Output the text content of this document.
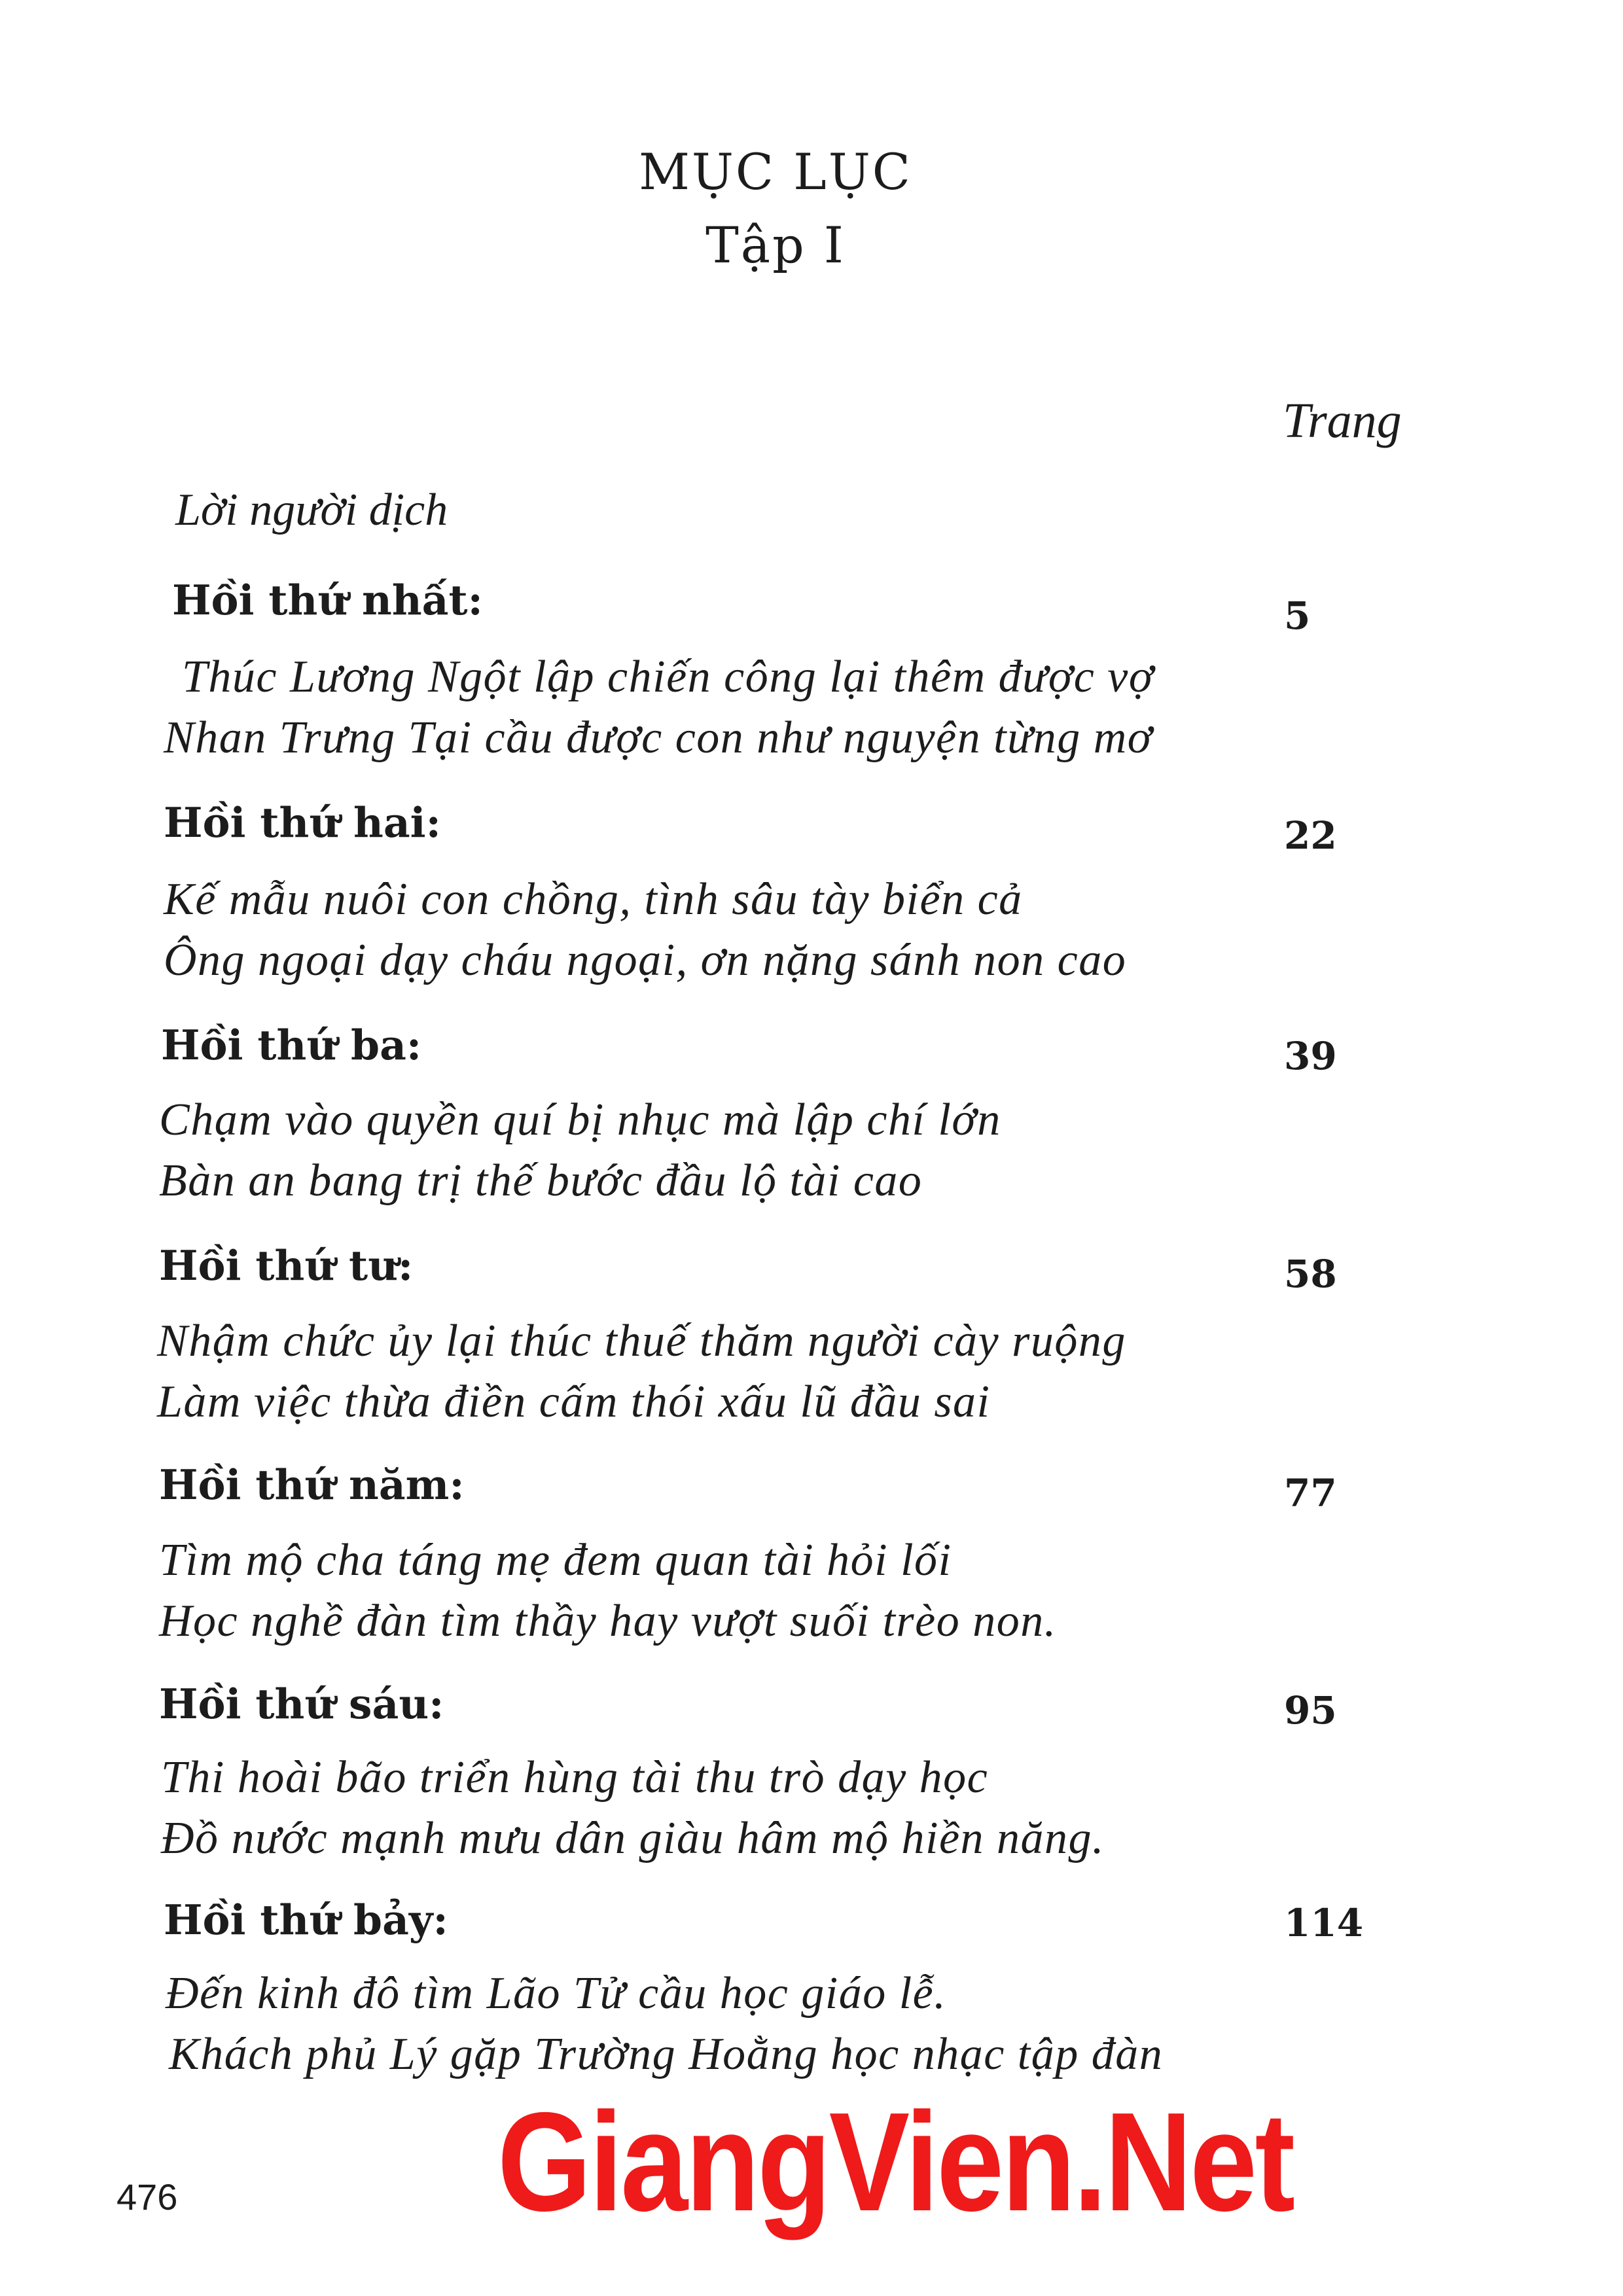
MỤC LỤC
Tập I
Trang
Lời người dịch
Hồi thứ nhất:	5
Thúc Lương Ngột lập chiến công lại thêm được vợ
Nhan Trưng Tại cầu được con như nguyện từng mơ
Hồi thứ hai:	22
Kế mẫu nuôi con chồng, tình sâu tày biển cả
Ông ngoại dạy cháu ngoại, ơn nặng sánh non cao
Hồi thứ ba:	39
Chạm vào quyền quí bị nhục mà lập chí lớn
Bàn an bang trị thế bước đầu lộ tài cao
Hồi thứ tư:	58
Nhậm chức ủy lại thúc thuế thăm người cày ruộng
Làm việc thừa điền cấm thói xấu lũ đầu sai
Hồi thứ năm:	77
Tìm mộ cha táng mẹ đem quan tài hỏi lối
Học nghề đàn tìm thầy hay vượt suối trèo non.
Hồi thứ sáu:	95
Thi hoài bão triển hùng tài thu trò dạy học
Đồ nước mạnh mưu dân giàu hâm mộ hiền năng.
Hồi thứ bảy:	114
Đến kinh đô tìm Lão Tử cầu học giáo lễ.
Khách phủ Lý gặp Trường Hoằng học nhạc tập đàn
476 GiangVien.Net
